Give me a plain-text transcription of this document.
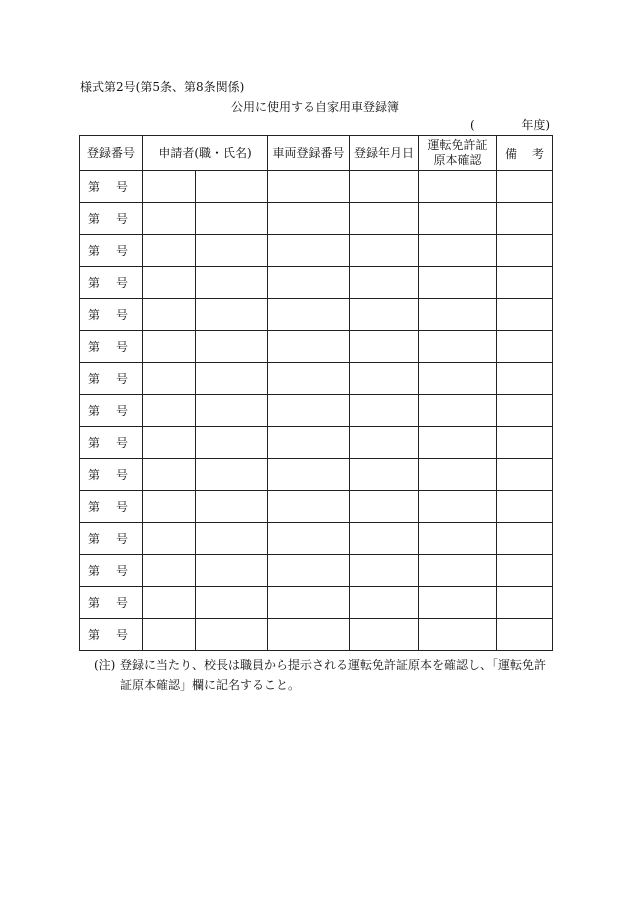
様式第2号(第5条、第8条関係)
公用に使用する自家用車登録簿
(	年度)
登録番号	申請者(職・氏名)		車両登録番号	登録年月日	運転免許証原本確認	備 考

第 号						

第 号						

第 号						

第 号						

第 号						

第 号						

第 号						

第 号						

第 号						

第 号						

第 号						

第 号						

第 号						

第 号						

第 号						

(注) 登録に当たり、校長は職員から提示される運転免許証原本を確認し、「運転免許証原本確認」欄に記名すること。
